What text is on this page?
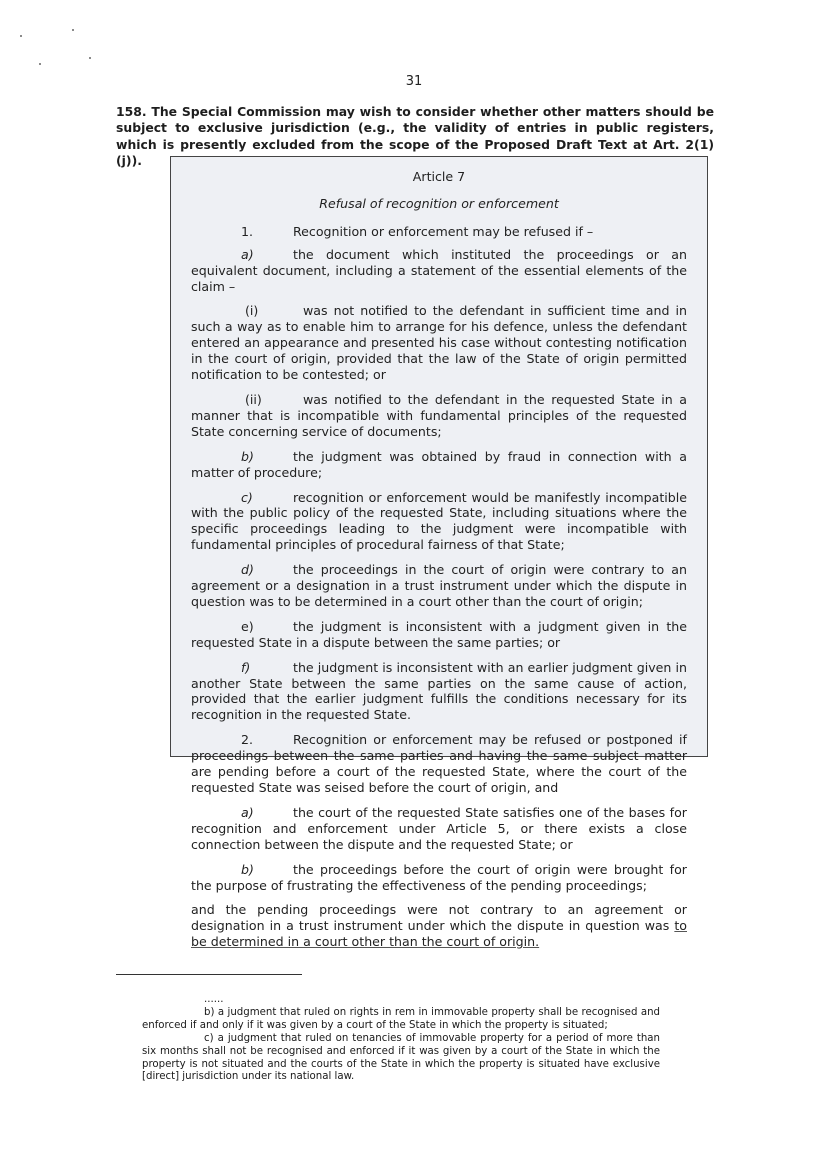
31
158. The Special Commission may wish to consider whether other matters should be subject to exclusive jurisdiction (e.g., the validity of entries in public registers, which is presently excluded from the scope of the Proposed Draft Text at Art. 2(1)(j)).
Article 7
Refusal of recognition or enforcement
1.	Recognition or enforcement may be refused if –
a)	the document which instituted the proceedings or an equivalent document, including a statement of the essential elements of the claim –
(i)	was not notified to the defendant in sufficient time and in such a way as to enable him to arrange for his defence, unless the defendant entered an appearance and presented his case without contesting notification in the court of origin, provided that the law of the State of origin permitted notification to be contested; or
(ii)	was notified to the defendant in the requested State in a manner that is incompatible with fundamental principles of the requested State concerning service of documents;
b)	the judgment was obtained by fraud in connection with a matter of procedure;
c)	recognition or enforcement would be manifestly incompatible with the public policy of the requested State, including situations where the specific proceedings leading to the judgment were incompatible with fundamental principles of procedural fairness of that State;
d)	the proceedings in the court of origin were contrary to an agreement or a designation in a trust instrument under which the dispute in question was to be determined in a court other than the court of origin;
e)	the judgment is inconsistent with a judgment given in the requested State in a dispute between the same parties; or
f)	the judgment is inconsistent with an earlier judgment given in another State between the same parties on the same cause of action, provided that the earlier judgment fulfills the conditions necessary for its recognition in the requested State.
2.	Recognition or enforcement may be refused or postponed if proceedings between the same parties and having the same subject matter are pending before a court of the requested State, where the court of the requested State was seised before the court of origin, and
a)	the court of the requested State satisfies one of the bases for recognition and enforcement under Article 5, or there exists a close connection between the dispute and the requested State; or
b)	the proceedings before the court of origin were brought for the purpose of frustrating the effectiveness of the pending proceedings;
and the pending proceedings were not contrary to an agreement or designation in a trust instrument under which the dispute in question was to be determined in a court other than the court of origin.

......

b) a judgment that ruled on rights in rem in immovable property shall be recognised and enforced if and only if it was given by a court of the State in which the property is situated;

c) a judgment that ruled on tenancies of immovable property for a period of more than six months shall not be recognised and enforced if it was given by a court of the State in which the property is not situated and the courts of the State in which the property is situated have exclusive [direct] jurisdiction under its national law.
